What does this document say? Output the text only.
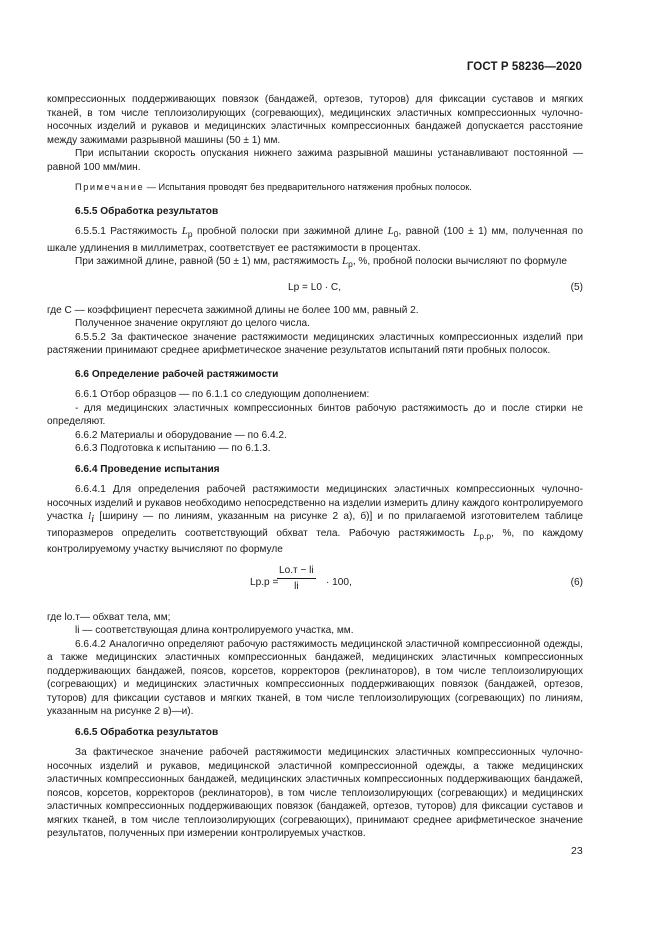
ГОСТ Р 58236—2020

компрессионных поддерживающих повязок (бандажей, ортезов, туторов) для фиксации суставов и мягких тканей, в том числе теплоизолирующих (согревающих), медицинских эластичных компрессионных чулочно-носочных изделий и рукавов и медицинских эластичных компрессионных бандажей допускается расстояние между зажимами разрывной машины (50 ± 1) мм.

При испытании скорость опускания нижнего зажима разрывной машины устанавливают постоянной — равной 100 мм/мин.

Примечание — Испытания проводят без предварительного натяжения пробных полосок.

6.5.5 Обработка результатов

6.5.5.1 Растяжимость $L_р$ пробной полоски при зажимной длине $L_0$, равной (100 ± 1) мм, полученная по шкале удлинения в миллиметрах, соответствует ее растяжимости в процентах.

При зажимной длине, равной (50 ± 1) мм, растяжимость $L_р$, %, пробной полоски вычисляют по формуле

Lр = L0 · C,	(5)

где C — коэффициент пересчета зажимной длины не более 100 мм, равный 2.

Полученное значение округляют до целого числа.

6.5.5.2 За фактическое значение растяжимости медицинских эластичных компрессионных изделий при растяжении принимают среднее арифметическое значение результатов испытаний пяти пробных полосок.

6.6 Определение рабочей растяжимости

6.6.1 Отбор образцов — по 6.1.1 со следующим дополнением:

- для медицинских эластичных компрессионных бинтов рабочую растяжимость до и после стирки не определяют.

6.6.2 Материалы и оборудование — по 6.4.2.

6.6.3 Подготовка к испытанию — по 6.1.3.

6.6.4 Проведение испытания

6.6.4.1 Для определения рабочей растяжимости медицинских эластичных компрессионных чулочно-носочных изделий и рукавов необходимо непосредственно на изделии измерить длину каждого контролируемого участка $l_i$ [ширину — по линиям, указанным на рисунке 2 а), б)] и по прилагаемой изготовителем таблице типоразмеров определить соответствующий обхват тела. Рабочую растяжимость $L_{р.р}$, %, по каждому контролируемому участку вычисляют по формуле

Lр.р =
Lо.т − li
li	· 100,	(6)

где lо.т— обхват тела, мм;

li — соответствующая длина контролируемого участка, мм.

6.6.4.2 Аналогично определяют рабочую растяжимость медицинской эластичной компрессионной одежды, а также медицинских эластичных компрессионных бандажей, медицинских эластичных компрессионных поддерживающих бандажей, поясов, корсетов, корректоров (реклинаторов), в том числе теплоизолирующих (согревающих) и медицинских эластичных компрессионных поддерживающих повязок (бандажей, ортезов, туторов) для фиксации суставов и мягких тканей, в том числе теплоизолирующих (согревающих) по линиям, указанным на рисунке 2 в)—и).

6.6.5 Обработка результатов

За фактическое значение рабочей растяжимости медицинских эластичных компрессионных чулочно-носочных изделий и рукавов, медицинской эластичной компрессионной одежды, а также медицинских эластичных компрессионных бандажей, медицинских эластичных компрессионных поддерживающих бандажей, поясов, корсетов, корректоров (реклинаторов), в том числе теплоизолирующих (согревающих) и медицинских эластичных компрессионных поддерживающих повязок (бандажей, ортезов, туторов) для фиксации суставов и мягких тканей, в том числе теплоизолирующих (согревающих), принимают среднее арифметическое значение результатов, полученных при измерении контролируемых участков.

23
